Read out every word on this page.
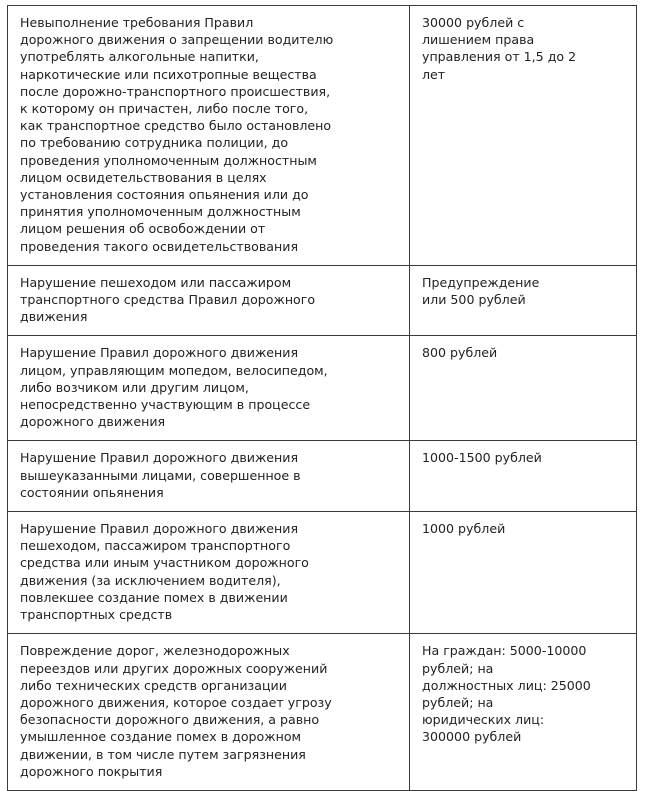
Невыполнение требования Правил
дорожного движения о запрещении водителю
употреблять алкогольные напитки,
наркотические или психотропные вещества
после дорожно-транспортного происшествия,
к которому он причастен, либо после того,
как транспортное средство было остановлено
по требованию сотрудника полиции, до
проведения уполномоченным должностным
лицом освидетельствования в целях
установления состояния опьянения или до
принятия уполномоченным должностным
лицом решения об освобождении от
проведения такого освидетельствования
30000 рублей с
лишением права
управления от 1,5 до 2
лет
Нарушение пешеходом или пассажиром
транспортного средства Правил дорожного
движения
Предупреждение
или 500 рублей
Нарушение Правил дорожного движения
лицом, управляющим мопедом, велосипедом,
либо возчиком или другим лицом,
непосредственно участвующим в процессе
дорожного движения
800 рублей
Нарушение Правил дорожного движения
вышеуказанными лицами, совершенное в
состоянии опьянения
1000-1500 рублей
Нарушение Правил дорожного движения
пешеходом, пассажиром транспортного
средства или иным участником дорожного
движения (за исключением водителя),
повлекшее создание помех в движении
транспортных средств
1000 рублей
Повреждение дорог, железнодорожных
переездов или других дорожных сооружений
либо технических средств организации
дорожного движения, которое создает угрозу
безопасности дорожного движения, а равно
умышленное создание помех в дорожном
движении, в том числе путем загрязнения
дорожного покрытия
На граждан: 5000-10000
рублей; на
должностных лиц: 25000
рублей; на
юридических лиц:
300000 рублей
